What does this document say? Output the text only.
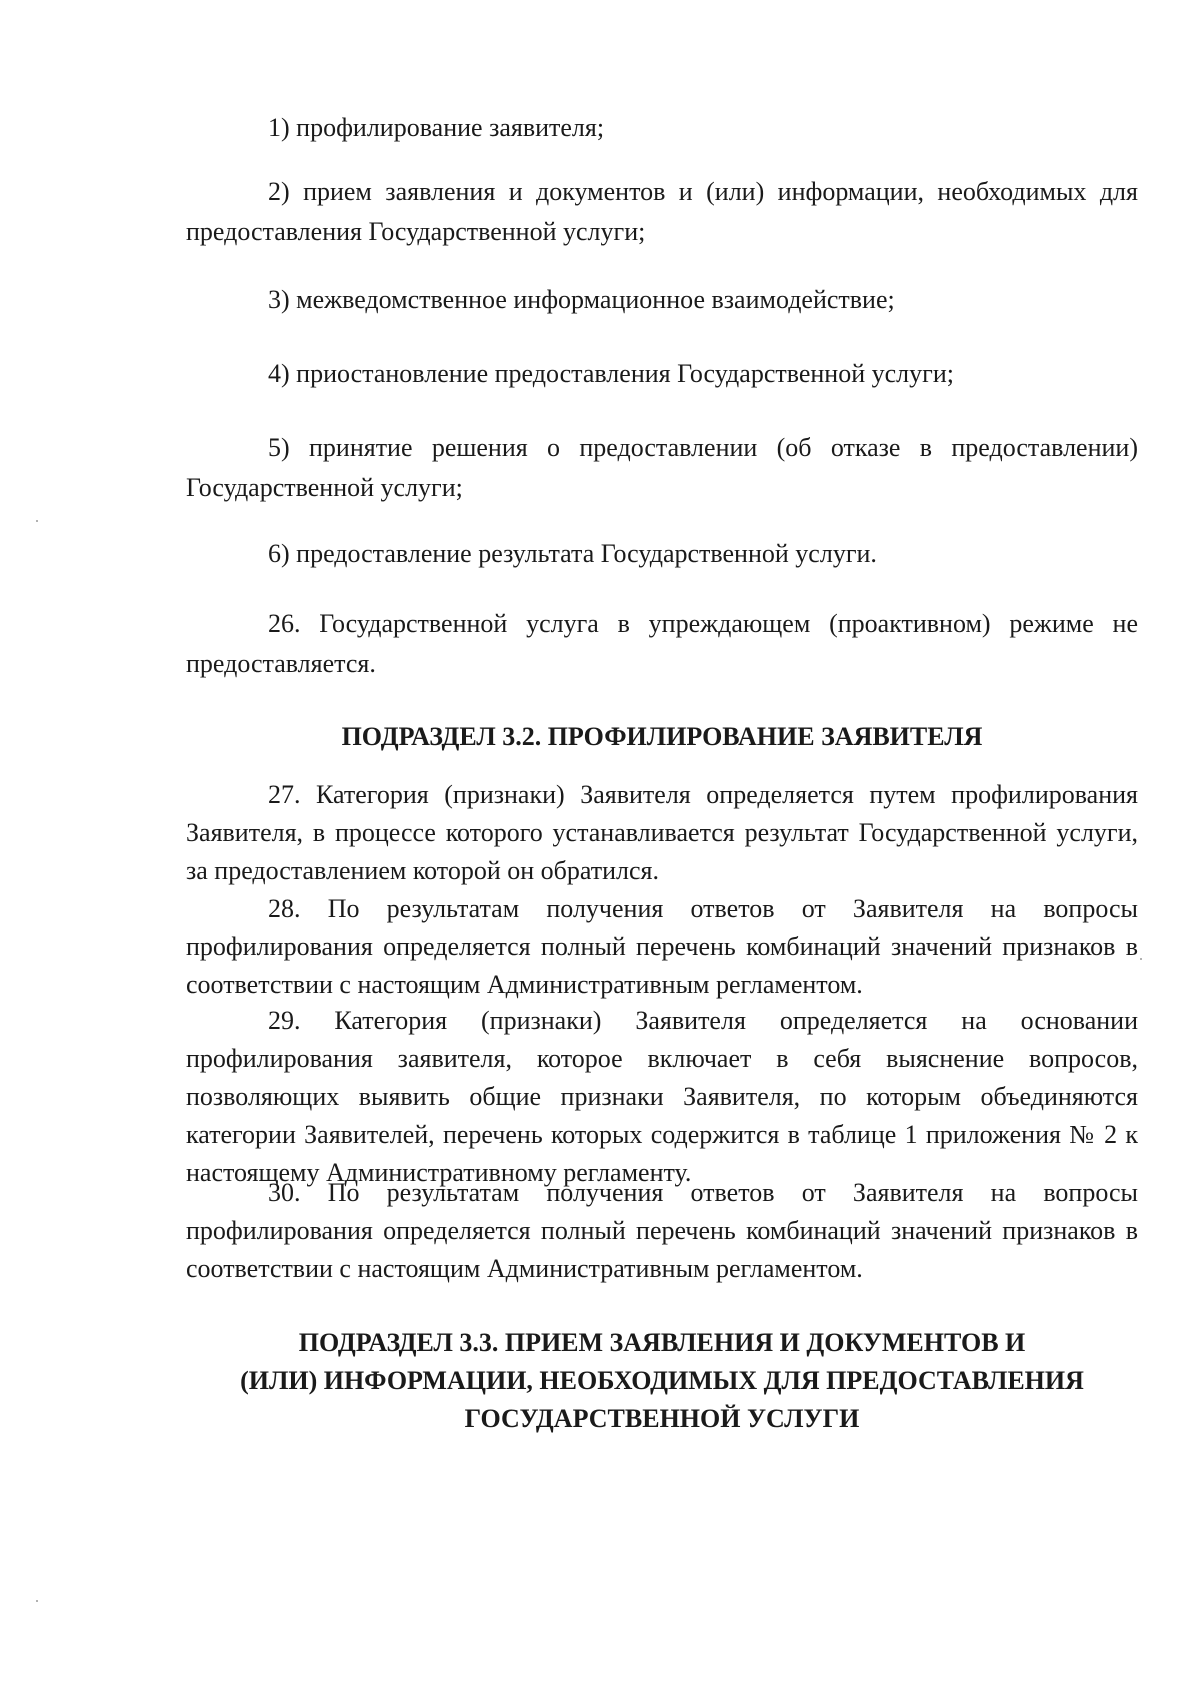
1) профилирование заявителя;

2) прием заявления и документов и (или) информации, необходимых для предоставления Государственной услуги;

3) межведомственное информационное взаимодействие;

4) приостановление предоставления Государственной услуги;

5) принятие решения о предоставлении (об отказе в предоставлении) Государственной услуги;

6) предоставление результата Государственной услуги.

26. Государственной услуга в упреждающем (проактивном) режиме не предоставляется.

ПОДРАЗДЕЛ 3.2. ПРОФИЛИРОВАНИЕ ЗАЯВИТЕЛЯ

27. Категория (признаки) Заявителя определяется путем профилирования Заявителя, в процессе которого устанавливается результат Государственной услуги, за предоставлением которой он обратился.

28. По результатам получения ответов от Заявителя на вопросы профилирования определяется полный перечень комбинаций значений признаков в соответствии с настоящим Административным регламентом.

29. Категория (признаки) Заявителя определяется на основании профилирования заявителя, которое включает в себя выяснение вопросов, позволяющих выявить общие признаки Заявителя, по которым объединяются категории Заявителей, перечень которых содержится в таблице 1 приложения № 2 к настоящему Административному регламенту.

30. По результатам получения ответов от Заявителя на вопросы профилирования определяется полный перечень комбинаций значений признаков в соответствии с настоящим Административным регламентом.

ПОДРАЗДЕЛ 3.3. ПРИЕМ ЗАЯВЛЕНИЯ И ДОКУМЕНТОВ И
(ИЛИ) ИНФОРМАЦИИ, НЕОБХОДИМЫХ ДЛЯ ПРЕДОСТАВЛЕНИЯ
ГОСУДАРСТВЕННОЙ УСЛУГИ
